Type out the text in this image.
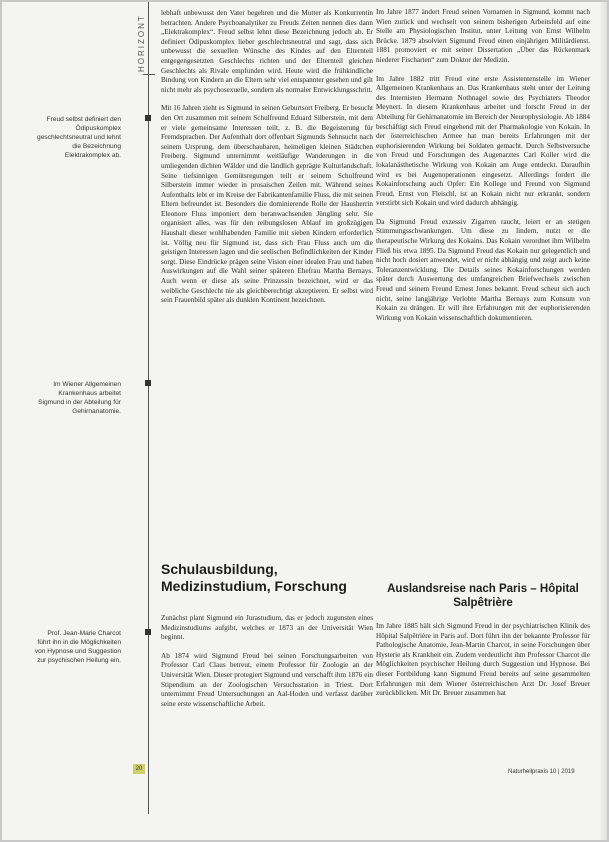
HORIZONT
Freud selbst definiert den Ödipuskomplex geschlechtsneutral und lehnt die Bezeichnung Elektrakomplex ab.
Im Wiener Allgemeinen Krankenhaus arbeitet Sigmund in der Abteilung für Gehirnanatomie.
Prof. Jean-Marie Charcot führt ihn in die Möglichkeiten von Hypnose und Suggestion zur psychischen Heilung ein.

lebhaft unbewusst den Vater begehren und die Mutter als Konkurrentin betrachten. Andere Psychoanalytiker zu Freuds Zeiten nennen dies dann „Elektrakomplex“. Freud selbst lehnt diese Bezeichnung jedoch ab. Er definiert Ödipuskomplex lieber geschlechtsneutral und sagt, dass sich unbewusst die sexuellen Wünsche des Kindes auf den Elternteil entgegengesetzten Geschlechts richten und der Elternteil gleichen Geschlechts als Rivale empfunden wird. Heute wird die frühkindliche Bindung von Kindern an die Eltern sehr viel entspannter gesehen und gilt nicht mehr als psychosexuelle, sondern als normaler Entwicklungsschritt.

Mit 16 Jahren zieht es Sigmund in seinen Geburtsort Freiberg. Er besucht den Ort zusammen mit seinem Schulfreund Eduard Silberstein, mit dem er viele gemeinsame Interessen teilt, z. B. die Begeisterung für Fremdsprachen. Der Aufenthalt dort offenbart Sigmunds Sehnsucht nach seinem Ursprung, dem überschaubaren, heimeligen kleinen Städtchen Freiberg. Sigmund unternimmt weitläufige Wanderungen in die umliegenden dichten Wälder und die ländlich geprägte Kulturlandschaft. Seine tiefsinnigen Gemütsregungen teilt er seinem Schulfreund Silberstein immer wieder in prosaischen Zeilen mit. Während seines Aufenthalts lebt er im Kreise der Fabrikantenfamilie Fluss, die mit seinen Eltern befreundet ist. Besonders die dominierende Rolle der Hausherrin Eleonore Fluss imponiert dem heranwachsenden Jüngling sehr. Sie organisiert alles, was für den reibungslosen Ablauf im großzügigen Haushalt dieser wohlhabenden Familie mit sieben Kindern erforderlich ist. Völlig neu für Sigmund ist, dass sich Frau Fluss auch um die geistigen Interessen lagen und die seelischen Befindlichkeiten der Kinder sorgt. Diese Eindrücke prägen seine Vision einer idealen Frau und haben Auswirkungen auf die Wahl seiner späteren Ehefrau Martha Bernays. Auch wenn er diese als seine Prinzessin bezeichnet, wird er das weibliche Geschlecht nie als gleichberechtigt akzeptieren. Er selbst wird sein Frauenbild später als dunklen Kontinent bezeichnen.

Schulausbildung, Medizinstudium, Forschung

Zunächst plant Sigmund ein Jurastudium, das er jedoch zugunsten eines Medizinstudiums aufgibt, welches er 1873 an der Universität Wien beginnt.

Ab 1874 wird Sigmund Freud bei seinen Forschungsarbeiten von Professor Carl Claus betreut, einem Professor für Zoologie an der Universität Wien. Dieser protegiert Sigmund und verschafft ihm 1876 ein Stipendium an der Zoologischen Versuchsstation in Triest. Dort unternimmt Freud Untersuchungen an Aal-Hoden und verfasst darüber seine erste wissenschaftliche Arbeit.

Im Jahre 1877 ändert Freud seinen Vornamen in Sigmund, kommt nach Wien zurück und wechselt von seinem bisherigen Arbeitsfeld auf eine Stelle am Physiologischen Institut, unter Leitung von Ernst Wilhelm Brücke. 1879 absolviert Sigmund Freud einen einjährigen Militärdienst. 1881 promoviert er mit seiner Dissertation „Über das Rückenmark niederer Fischarten“ zum Doktor der Medizin.

Im Jahre 1882 tritt Freud eine erste Assistentenstelle im Wiener Allgemeinen Krankenhaus an. Das Krankenhaus steht unter der Leitung des Internisten Hermann Nothnagel sowie des Psychiaters Theodor Meynert. In diesem Krankenhaus arbeitet und forscht Freud in der Abteilung für Gehirnanatomie im Bereich der Neurophysiologie. Ab 1884 beschäftigt sich Freud eingehend mit der Pharmakologie von Kokain. In der österreichischen Armee hat man bereits Erfahrungen mit der euphorisierenden Wirkung bei Soldaten gemacht. Durch Selbstversuche von Freud und Forschungen des Augenarztes Carl Koller wird die lokalanästhetische Wirkung von Kokain am Auge entdeckt. Daraufhin wird es bei Augenoperationen eingesetzt. Allerdings fordert die Kokainforschung auch Opfer: Ein Kollege und Freund von Sigmund Freud, Ernst von Fleischl, ist an Kokain nicht nur erkrankt, sondern verstirbt sich Kokain und wird dadurch abhängig.

Da Sigmund Freud exzessiv Zigarren raucht, leiert er an stetigen Stimmungsschwankungen. Um diese zu lindern, nutzt er die therapeutische Wirkung des Kokains. Das Kokain verordnet ihm Wilhelm Fließ bis etwa 1895. Da Sigmund Freud das Kokain nur gelegentlich und nicht hoch dosiert anwendet, wird er nicht abhängig und zeigt auch keine Toleranzentwicklung. Die Details seines Kokainforschungen werden später durch Auswertung des umfangreichen Briefwechsels zwischen Freud und seinem Freund Ernest Jones bekannt. Freud scheut sich auch nicht, seine langjährige Verlobte Martha Bernays zum Konsum von Kokain zu drängen. Er will ihre Erfahrungen mit der euphorisierenden Wirkung von Kokain wissenschaftlich dokumentieren.

Auslandsreise nach Paris – Hôpital Salpêtrière

Im Jahre 1885 hält sich Sigmund Freud in der psychiatrischen Klinik des Hôpital Salpêtrière in Paris auf. Dort führt ihn der bekannte Professor für Pathologische Anatomie, Jean-Martin Charcot, in seine Forschungen über Hysterie als Krankheit ein. Zudem verdeutlicht ihm Professor Charcot die Möglichkeiten psychischer Heilung durch Suggestion und Hypnose. Bei dieser Fortbildung kann Sigmund Freud bereits auf seine gesammelten Erfahrungen mit dem Wiener österreichischen Arzt Dr. Josef Breuer zurückblicken. Mit Dr. Breuer zusammen hat

20	Naturheilpraxis 10 | 2019
